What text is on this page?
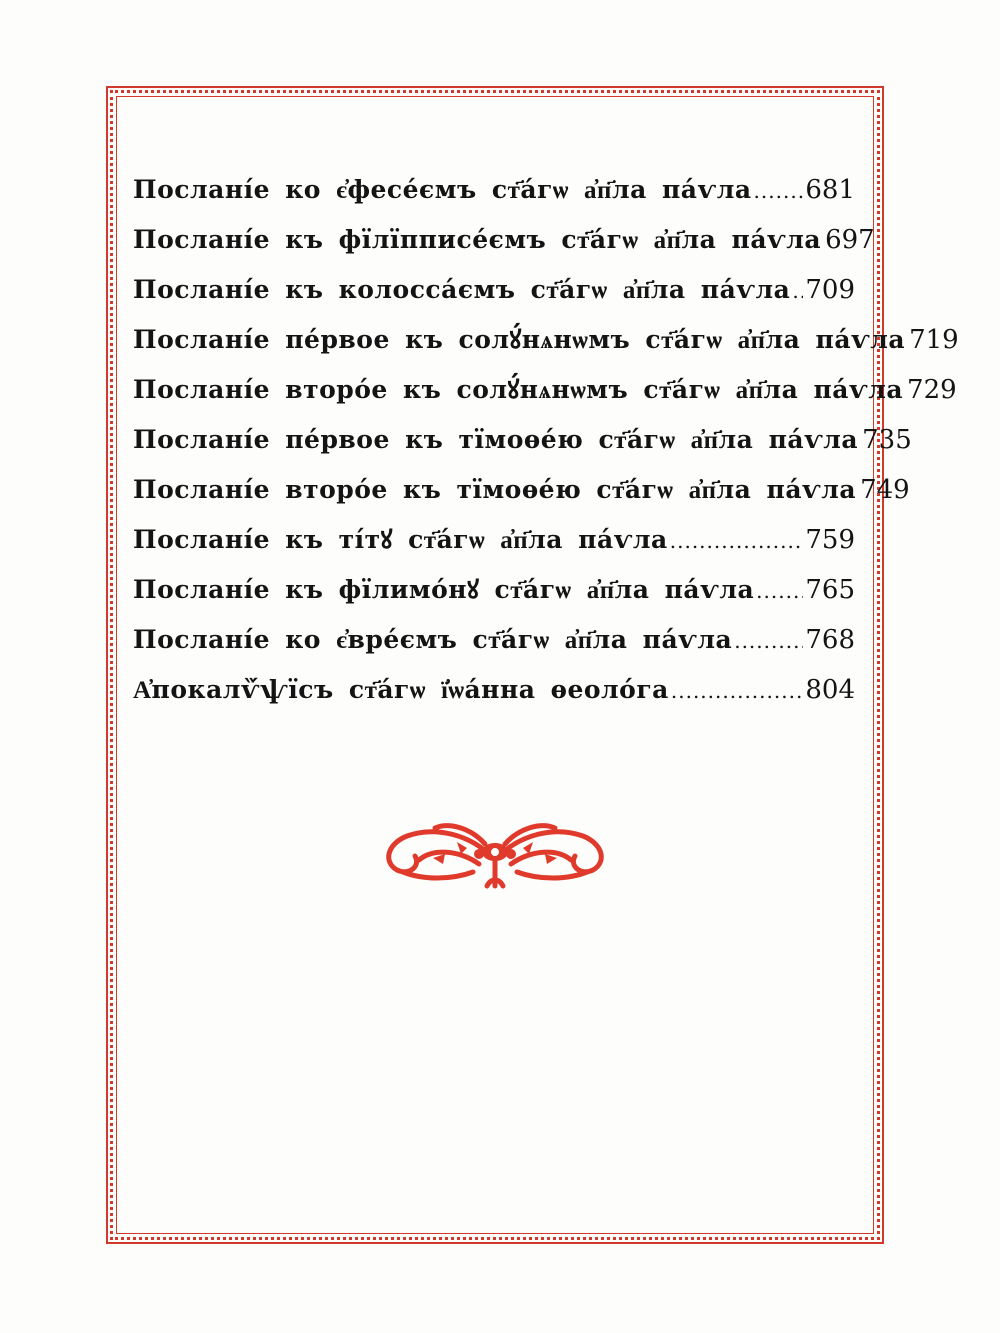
Послані́е ко є҆фесе́ємъ ст҃а́гѡ а҆п҃ла па́ѵла ..... 681
Послані́е къ фїлїпписе́ємъ ст҃а́гѡ а҆п҃ла па́ѵла 697
Послані́е къ колосса́ємъ ст҃а́гѡ а҆п҃ла па́ѵла ..... 709
Послані́е пе́рвое къ солꙋ́нѧнѡмъ ст҃а́гѡ а҆п҃ла па́ѵла 719
Послані́е второ́е къ солꙋ́нѧнѡмъ ст҃а́гѡ а҆п҃ла па́ѵла 729
Послані́е пе́рвое къ тїмоѳе́ю ст҃а́гѡ а҆п҃ла па́ѵла 735
Послані́е второ́е къ тїмоѳе́ю ст҃а́гѡ а҆п҃ла па́ѵла 749
Послані́е къ ті́тꙋ ст҃а́гѡ а҆п҃ла па́ѵла .....	759
Послані́е къ фїлимо́нꙋ ст҃а́гѡ а҆п҃ла па́ѵла ..... 765
Послані́е ко є҆вре́ємъ ст҃а́гѡ а҆п҃ла па́ѵла .....	768
А҆покалѷ́ѱїсъ ст҃а́гѡ ї҆ѡа́нна ѳеоло́га .....	804
